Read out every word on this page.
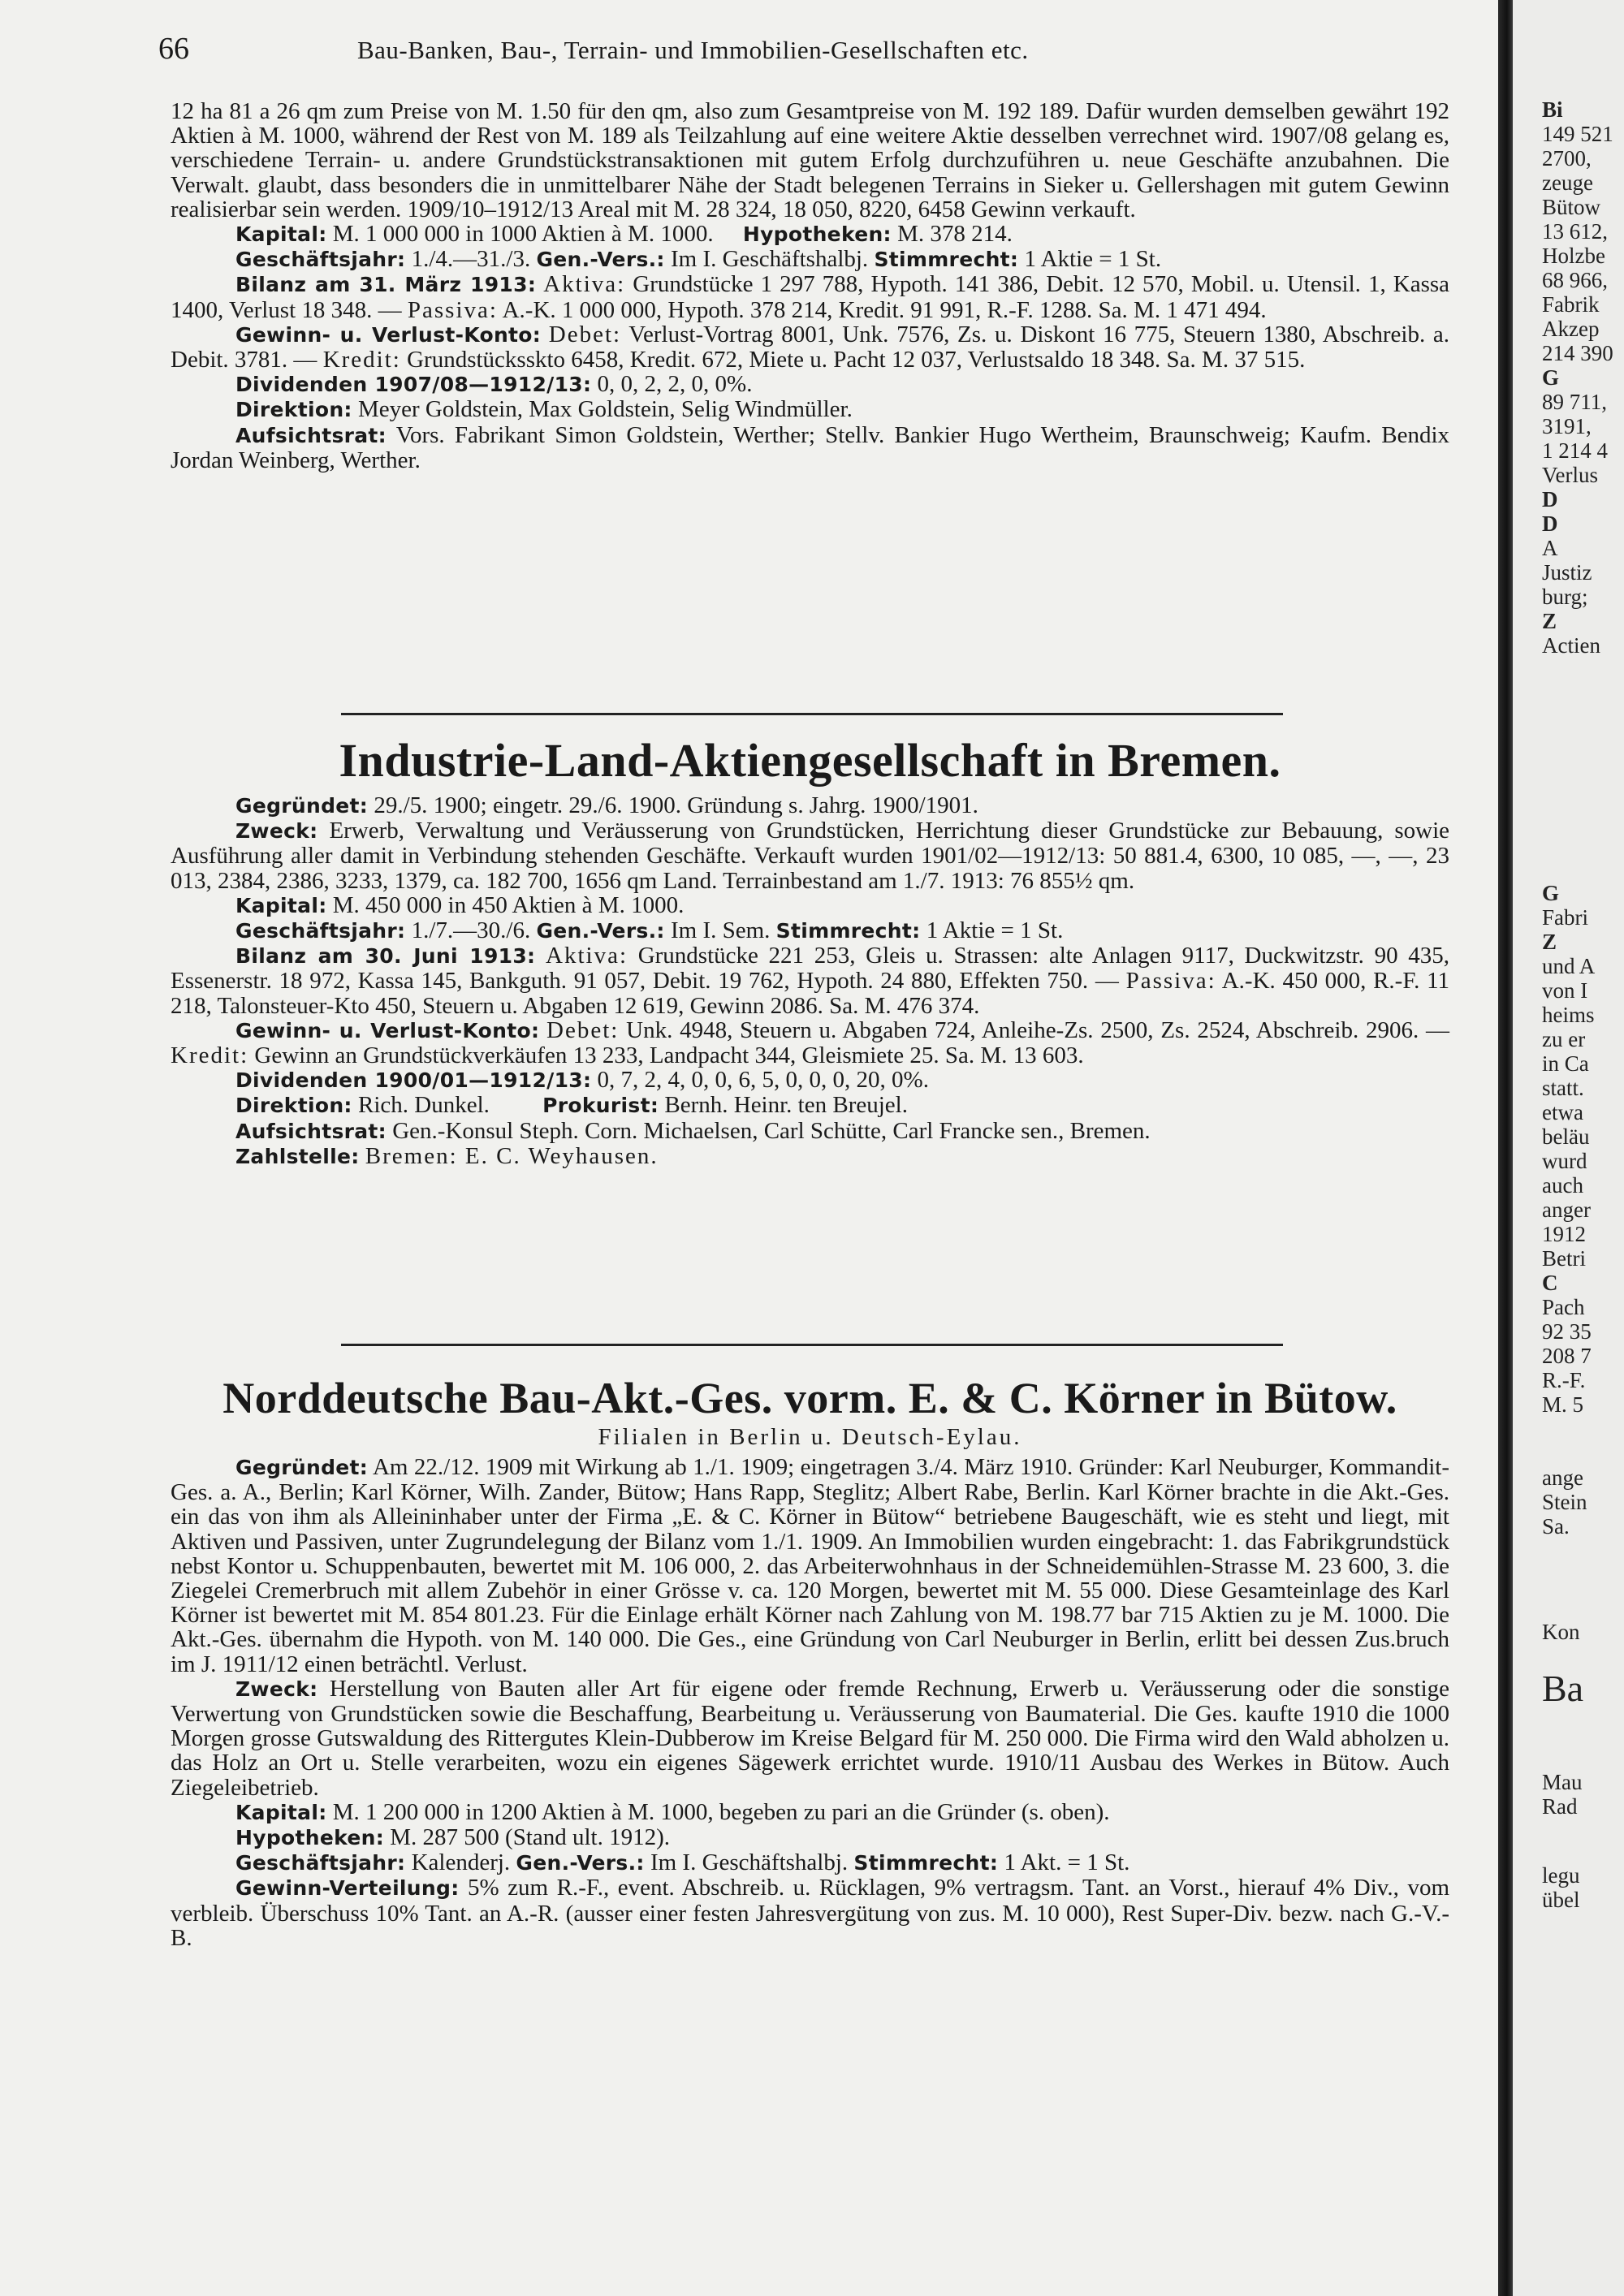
66	Bau-Banken, Bau-, Terrain- und Immobilien-Gesellschaften etc.

12 ha 81 a 26 qm zum Preise von M. 1.50 für den qm, also zum Gesamtpreise von M. 192 189. Dafür wurden demselben gewährt 192 Aktien à M. 1000, während der Rest von M. 189 als Teilzahlung auf eine weitere Aktie desselben verrechnet wird. 1907/08 gelang es, verschiedene Terrain- u. andere Grundstückstransaktionen mit gutem Erfolg durchzuführen u. neue Geschäfte anzubahnen. Die Verwalt. glaubt, dass besonders die in unmittelbarer Nähe der Stadt belegenen Terrains in Sieker u. Gellershagen mit gutem Gewinn realisierbar sein werden. 1909/10–1912/13 Areal mit M. 28 324, 18 050, 8220, 6458 Gewinn verkauft.

Kapital: M. 1 000 000 in 1000 Aktien à M. 1000. Hypotheken: M. 378 214.

Geschäftsjahr: 1./4.—31./3. Gen.-Vers.: Im I. Geschäftshalbj. Stimmrecht: 1 Aktie = 1 St.

Bilanz am 31. März 1913: Aktiva: Grundstücke 1 297 788, Hypoth. 141 386, Debit. 12 570, Mobil. u. Utensil. 1, Kassa 1400, Verlust 18 348. — Passiva: A.-K. 1 000 000, Hypoth. 378 214, Kredit. 91 991, R.-F. 1288. Sa. M. 1 471 494.

Gewinn- u. Verlust-Konto: Debet: Verlust-Vortrag 8001, Unk. 7576, Zs. u. Diskont 16 775, Steuern 1380, Abschreib. a. Debit. 3781. — Kredit: Grundstücksskto 6458, Kredit. 672, Miete u. Pacht 12 037, Verlustsaldo 18 348. Sa. M. 37 515.

Dividenden 1907/08—1912/13: 0, 0, 2, 2, 0, 0%.

Direktion: Meyer Goldstein, Max Goldstein, Selig Windmüller.

Aufsichtsrat: Vors. Fabrikant Simon Goldstein, Werther; Stellv. Bankier Hugo Wertheim, Braunschweig; Kaufm. Bendix Jordan Weinberg, Werther.

Industrie-Land-Aktiengesellschaft in Bremen.

Gegründet: 29./5. 1900; eingetr. 29./6. 1900. Gründung s. Jahrg. 1900/1901.

Zweck: Erwerb, Verwaltung und Veräusserung von Grundstücken, Herrichtung dieser Grundstücke zur Bebauung, sowie Ausführung aller damit in Verbindung stehenden Geschäfte. Verkauft wurden 1901/02—1912/13: 50 881.4, 6300, 10 085, —, —, 23 013, 2384, 2386, 3233, 1379, ca. 182 700, 1656 qm Land. Terrainbestand am 1./7. 1913: 76 855½ qm.

Kapital: M. 450 000 in 450 Aktien à M. 1000.

Geschäftsjahr: 1./7.—30./6. Gen.-Vers.: Im I. Sem. Stimmrecht: 1 Aktie = 1 St.

Bilanz am 30. Juni 1913: Aktiva: Grundstücke 221 253, Gleis u. Strassen: alte Anlagen 9117, Duckwitzstr. 90 435, Essenerstr. 18 972, Kassa 145, Bankguth. 91 057, Debit. 19 762, Hypoth. 24 880, Effekten 750. — Passiva: A.-K. 450 000, R.-F. 11 218, Talonsteuer-Kto 450, Steuern u. Abgaben 12 619, Gewinn 2086. Sa. M. 476 374.

Gewinn- u. Verlust-Konto: Debet: Unk. 4948, Steuern u. Abgaben 724, Anleihe-Zs. 2500, Zs. 2524, Abschreib. 2906. — Kredit: Gewinn an Grundstückverkäufen 13 233, Landpacht 344, Gleismiete 25. Sa. M. 13 603.

Dividenden 1900/01—1912/13: 0, 7, 2, 4, 0, 0, 6, 5, 0, 0, 0, 20, 0%.

Direktion: Rich. Dunkel.	Prokurist: Bernh. Heinr. ten Breujel.

Aufsichtsrat: Gen.-Konsul Steph. Corn. Michaelsen, Carl Schütte, Carl Francke sen., Bremen.

Zahlstelle: Bremen: E. C. Weyhausen.

Norddeutsche Bau-Akt.-Ges. vorm. E. & C. Körner in Bütow.

Filialen in Berlin u. Deutsch-Eylau.

Gegründet: Am 22./12. 1909 mit Wirkung ab 1./1. 1909; eingetragen 3./4. März 1910. Gründer: Karl Neuburger, Kommandit-Ges. a. A., Berlin; Karl Körner, Wilh. Zander, Bütow; Hans Rapp, Steglitz; Albert Rabe, Berlin. Karl Körner brachte in die Akt.-Ges. ein das von ihm als Alleininhaber unter der Firma „E. & C. Körner in Bütow“ betriebene Baugeschäft, wie es steht und liegt, mit Aktiven und Passiven, unter Zugrundelegung der Bilanz vom 1./1. 1909. An Immobilien wurden eingebracht: 1. das Fabrikgrundstück nebst Kontor u. Schuppenbauten, bewertet mit M. 106 000, 2. das Arbeiterwohnhaus in der Schneidemühlen-Strasse M. 23 600, 3. die Ziegelei Cremerbruch mit allem Zubehör in einer Grösse v. ca. 120 Morgen, bewertet mit M. 55 000. Diese Gesamteinlage des Karl Körner ist bewertet mit M. 854 801.23. Für die Einlage erhält Körner nach Zahlung von M. 198.77 bar 715 Aktien zu je M. 1000. Die Akt.-Ges. übernahm die Hypoth. von M. 140 000. Die Ges., eine Gründung von Carl Neuburger in Berlin, erlitt bei dessen Zus.bruch im J. 1911/12 einen beträchtl. Verlust.

Zweck: Herstellung von Bauten aller Art für eigene oder fremde Rechnung, Erwerb u. Veräusserung oder die sonstige Verwertung von Grundstücken sowie die Beschaffung, Bearbeitung u. Veräusserung von Baumaterial. Die Ges. kaufte 1910 die 1000 Morgen grosse Gutswaldung des Rittergutes Klein-Dubberow im Kreise Belgard für M. 250 000. Die Firma wird den Wald abholzen u. das Holz an Ort u. Stelle verarbeiten, wozu ein eigenes Sägewerk errichtet wurde. 1910/11 Ausbau des Werkes in Bütow. Auch Ziegeleibetrieb.

Kapital: M. 1 200 000 in 1200 Aktien à M. 1000, begeben zu pari an die Gründer (s. oben).

Hypotheken: M. 287 500 (Stand ult. 1912).

Geschäftsjahr: Kalenderj. Gen.-Vers.: Im I. Geschäftshalbj. Stimmrecht: 1 Akt. = 1 St.

Gewinn-Verteilung: 5% zum R.-F., event. Abschreib. u. Rücklagen, 9% vertragsm. Tant. an Vorst., hierauf 4% Div., vom verbleib. Überschuss 10% Tant. an A.-R. (ausser einer festen Jahresvergütung von zus. M. 10 000), Rest Super-Div. bezw. nach G.-V.-B.

Bi
149 521
2700,
zeuge
Bütow
13 612,
Holzbe
68 966,
Fabrik
Akzep
214 390
G
89 711,
3191,
1 214 4
Verlus
D
D
A
Justiz
burg;
Z
Actien
G
Fabri
Z
und A
von I
heims
zu er
in Ca
statt.
etwa
beläu
wurd
auch
anger
1912
Betri
C
Pach
92 35
208 7
R.-F.
M. 5
ange
Stein
Sa.
Kon
Ba
Mau
Rad
legu
übel
